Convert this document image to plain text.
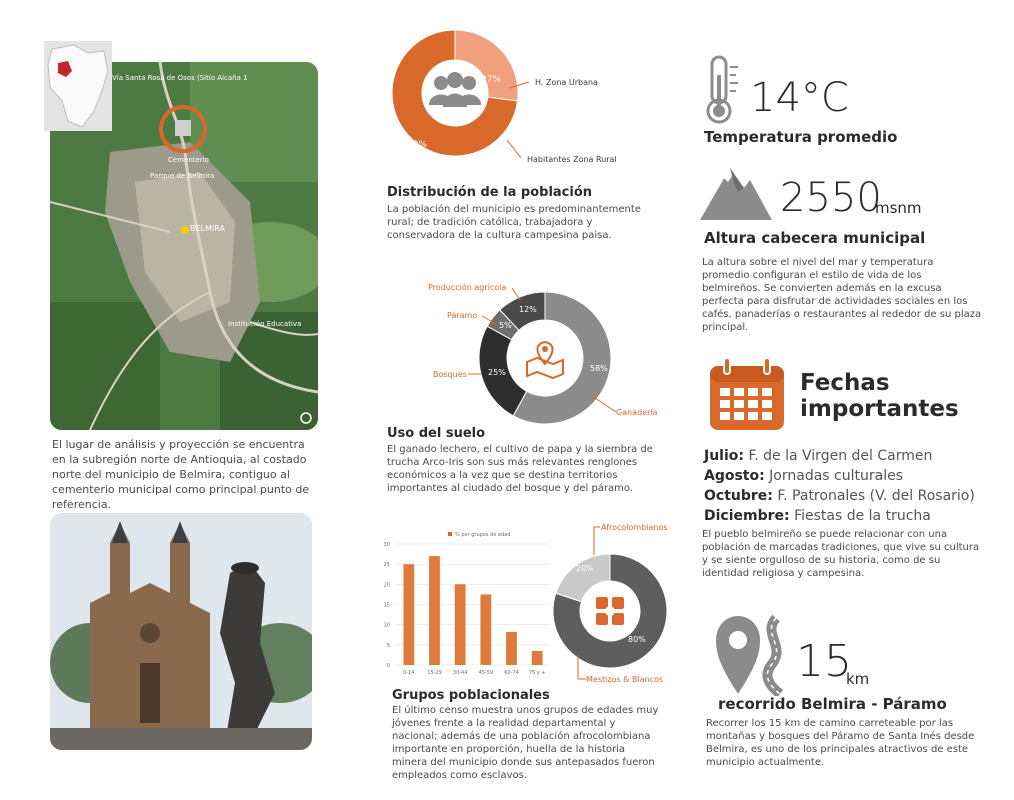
Vía Santa Rosa de Osos (Sitio Alcaña 1
Cementerio
Parque de Belmira
BELMIRA
Institución Educativa

El lugar de análisis y proyección se encuentra en la subregión norte de Antioquia, al costado norte del municipio de Belmira, contiguo al cementerio municipal como principal punto de referencia.

27%
73%
H. Zona Urbana
Habitantes Zona Rural
Distribución de la población

La población del municipio es predominantemente rural; de tradición católica, trabajadora y conservadora de la cultura campesina paisa.

58%
25%
5%
12%
Ganadería
Bosques
Páramo
Producción agrícola
Uso del suelo

El ganado lechero, el cultivo de papa y la siembra de trucha Arco-Iris son sus más relevantes renglones económicos a la vez que se destina territorios importantes al ciudado del bosque y del páramo.

% por grupos de edad
0
5
10
15
20
25
30
0-14	15-29 30-44 45-59 60-74 75 y +
20%
80%
Afrocolombianos
Mestizos & Blancos
Grupos poblacionales

El último censo muestra unos grupos de edades muy jóvenes frente a la realidad departamental y nacional; además de una población afrocolombiana importante en proporción, huella de la historia minera del municipio donde sus antepasados fueron empleados como esclavos.

14°C
Temperatura promedio
2550
msnm
Altura cabecera municipal

La altura sobre el nivel del mar y temperatura promedio configuran el estilo de vida de los belmireños. Se convierten además en la excusa perfecta para disfrutar de actividades sociales en los cafés, panaderías o restaurantes al rededor de su plaza principal.

Fechas
importantes
Julio: F. de la Virgen del Carmen
Agosto: Jornadas culturales
Octubre: F. Patronales (V. del Rosario)
Diciembre: Fiestas de la trucha

El pueblo belmireño se puede relacionar con una población de marcadas tradiciones, que vive su cultura y se siente orgulloso de su historia, como de su identidad religiosa y campesina.

15
km
recorrido Belmira - Páramo

Recorrer los 15 km de camino carreteable por las montañas y bosques del Páramo de Santa Inés desde Belmira, es uno de los principales atractivos de este municipio actualmente.
